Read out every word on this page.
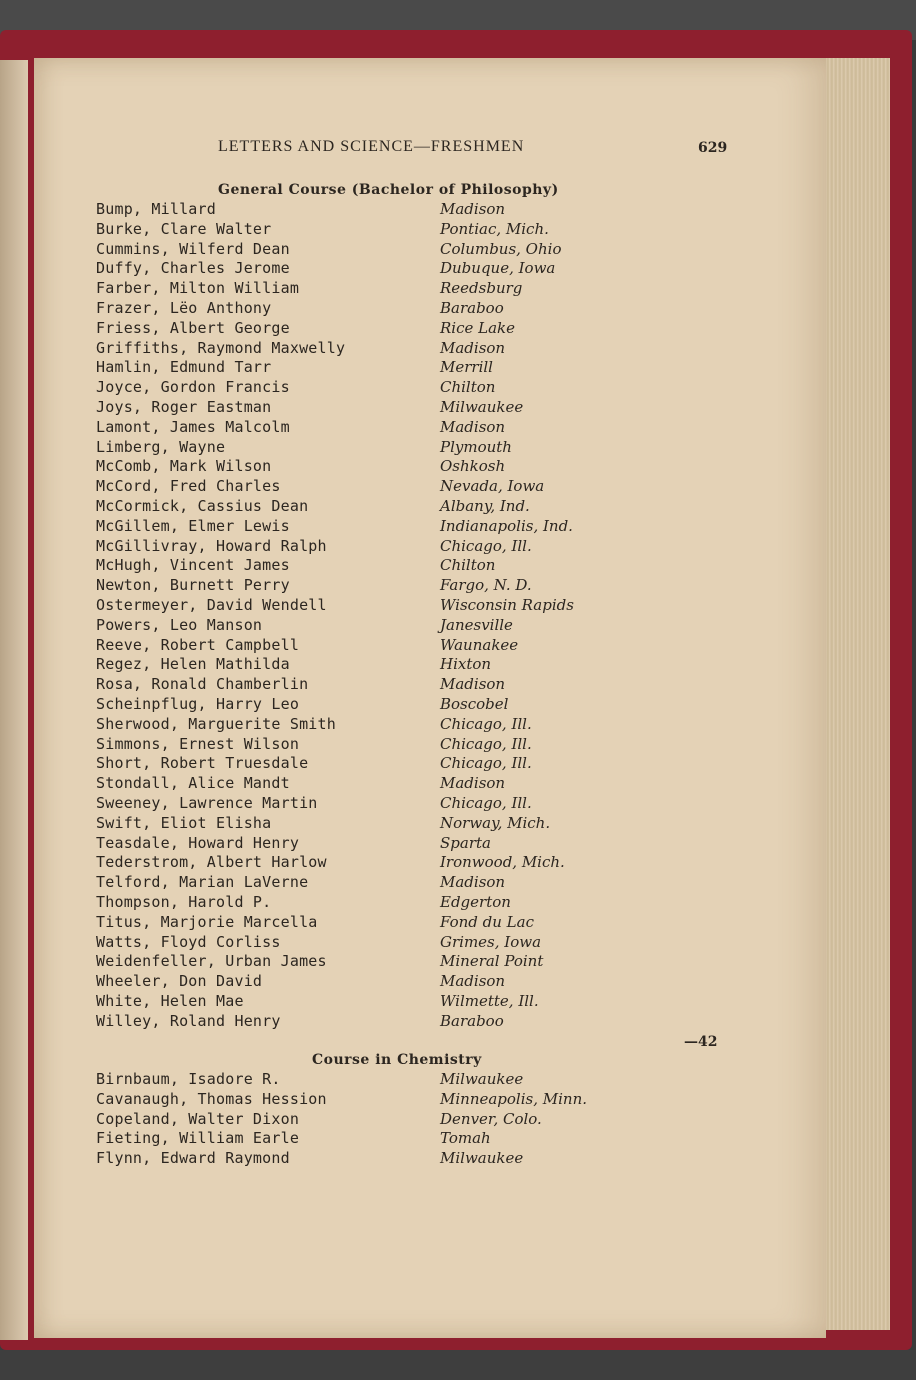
LETTERS AND SCIENCE—FRESHMEN	629
General Course (Bachelor of Philosophy)
Bump, Millard	Madison
Burke, Clare Walter	Pontiac, Mich.
Cummins, Wilferd Dean	Columbus, Ohio
Duffy, Charles Jerome	Dubuque, Iowa
Farber, Milton William	Reedsburg
Frazer, Lëo Anthony	Baraboo
Friess, Albert George	Rice Lake
Griffiths, Raymond Maxwelly	Madison
Hamlin, Edmund Tarr	Merrill
Joyce, Gordon Francis	Chilton
Joys, Roger Eastman	Milwaukee
Lamont, James Malcolm	Madison
Limberg, Wayne	Plymouth
McComb, Mark Wilson	Oshkosh
McCord, Fred Charles	Nevada, Iowa
McCormick, Cassius Dean	Albany, Ind.
McGillem, Elmer Lewis	Indianapolis, Ind.
McGillivray, Howard Ralph	Chicago, Ill.
McHugh, Vincent James	Chilton
Newton, Burnett Perry	Fargo, N. D.
Ostermeyer, David Wendell	Wisconsin Rapids
Powers, Leo Manson	Janesville
Reeve, Robert Campbell	Waunakee
Regez, Helen Mathilda	Hixton
Rosa, Ronald Chamberlin	Madison
Scheinpflug, Harry Leo	Boscobel
Sherwood, Marguerite Smith	Chicago, Ill.
Simmons, Ernest Wilson	Chicago, Ill.
Short, Robert Truesdale	Chicago, Ill.
Stondall, Alice Mandt	Madison
Sweeney, Lawrence Martin	Chicago, Ill.
Swift, Eliot Elisha	Norway, Mich.
Teasdale, Howard Henry	Sparta
Tederstrom, Albert Harlow	Ironwood, Mich.
Telford, Marian LaVerne	Madison
Thompson, Harold P.	Edgerton
Titus, Marjorie Marcella	Fond du Lac
Watts, Floyd Corliss	Grimes, Iowa
Weidenfeller, Urban James	Mineral Point
Wheeler, Don David	Madison
White, Helen Mae	Wilmette, Ill.
Willey, Roland Henry	Baraboo
—42
Course in Chemistry
Birnbaum, Isadore R.	Milwaukee
Cavanaugh, Thomas Hession	Minneapolis, Minn.
Copeland, Walter Dixon	Denver, Colo.
Fieting, William Earle	Tomah
Flynn, Edward Raymond	Milwaukee
